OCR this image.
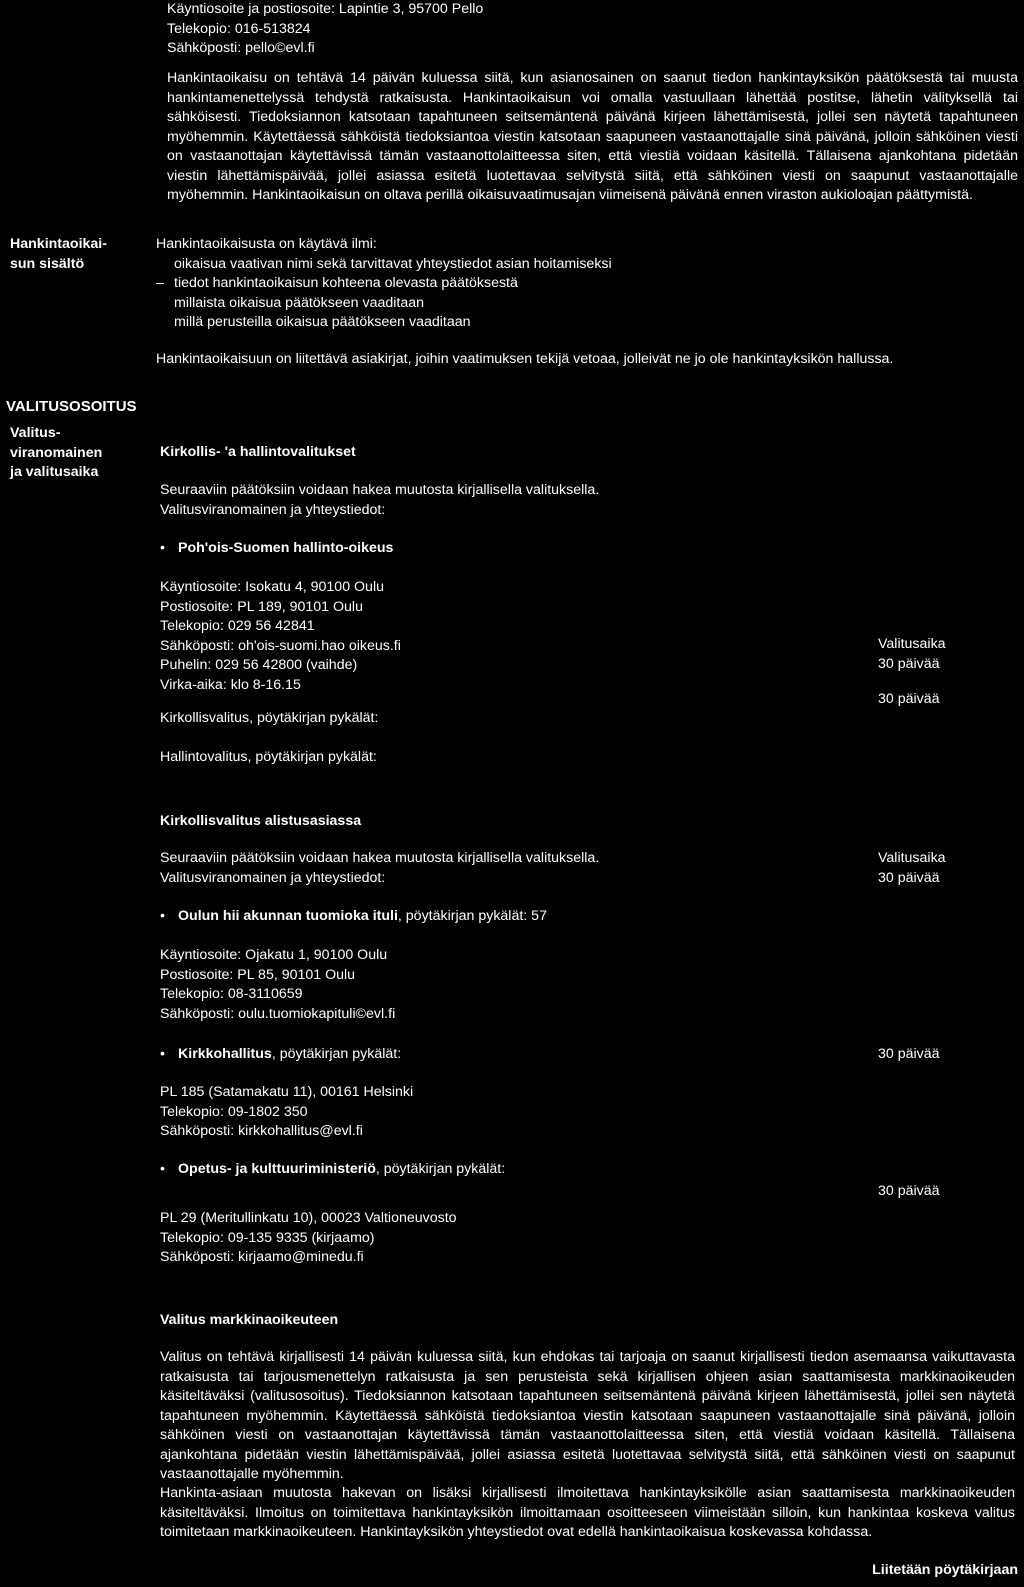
Käyntiosoite ja postiosoite: Lapintie 3, 95700 Pello
Telekopio: 016-513824
Sähköposti: pello©evl.fi

Hankintaoikaisu on tehtävä 14 päivän kuluessa siitä, kun asianosainen on saanut tiedon hankintayksikön päätöksestä tai muusta hankintamenettelyssä tehdystä ratkaisusta. Hankintaoikaisun voi omalla vastuullaan lähettää postitse, lähetin välityksellä tai sähköisesti. Tiedoksiannon katsotaan tapahtuneen seitsemäntenä päivänä kirjeen lähettämisestä, jollei sen näytetä tapahtuneen myöhemmin. Käytettäessä sähköistä tiedoksiantoa viestin katsotaan saapuneen vastaanottajalle sinä päivänä, jolloin sähköinen viesti on vastaanottajan käytettävissä tämän vastaanottolaitteessa siten, että viestiä voidaan käsitellä. Tällaisena ajankohtana pidetään viestin lähettämispäivää, jollei asiassa esitetä luotettavaa selvitystä siitä, että sähköinen viesti on saapunut vastaanottajalle myöhemmin. Hankintaoikaisun on oltava perillä oikaisuvaatimusajan viimeisenä päivänä ennen viraston aukioloajan päättymistä.

Hankintaoikai-
sun sisältö
Hankintaoikaisusta on käytävä ilmi:
oikaisua vaativan nimi sekä tarvittavat yhteystiedot asian hoitamiseksi
– tiedot hankintaoikaisun kohteena olevasta päätöksestä
millaista oikaisua päätökseen vaaditaan
millä perusteilla oikaisua päätökseen vaaditaan

Hankintaoikaisuun on liitettävä asiakirjat, joihin vaatimuksen tekijä vetoaa, jolleivät ne jo ole hankintayksikön hallussa.

VALITUSOSOITUS
Valitus-
viranomainen
ja valitusaika
Kirkollis- 'a hallintovalitukset
Seuraaviin päätöksiin voidaan hakea muutosta kirjallisella valituksella.
Valitusviranomainen ja yhteystiedot:
• Poh'ois-Suomen hallinto-oikeus
Käyntiosoite: Isokatu 4, 90100 Oulu
Postiosoite: PL 189, 90101 Oulu
Telekopio: 029 56 42841
Sähköposti: oh'ois-suomi.hao oikeus.fi
Puhelin: 029 56 42800 (vaihde)
Virka-aika: klo 8-16.15
Kirkollisvalitus, pöytäkirjan pykälät:
Hallintovalitus, pöytäkirjan pykälät:
Valitusaika
30 päivää
30 päivää
Kirkollisvalitus alistusasiassa
Seuraaviin päätöksiin voidaan hakea muutosta kirjallisella valituksella.
Valitusviranomainen ja yhteystiedot:
Valitusaika
30 päivää
• Oulun hii akunnan tuomioka ituli, pöytäkirjan pykälät: 57
Käyntiosoite: Ojakatu 1, 90100 Oulu
Postiosoite: PL 85, 90101 Oulu
Telekopio: 08-3110659
Sähköposti: oulu.tuomiokapituli©evl.fi
• Kirkkohallitus, pöytäkirjan pykälät:	30 päivää
PL 185 (Satamakatu 11), 00161 Helsinki
Telekopio: 09-1802 350
Sähköposti: kirkkohallitus@evl.fi
• Opetus- ja kulttuuriministeriö, pöytäkirjan pykälät:
30 päivää
PL 29 (Meritullinkatu 10), 00023 Valtioneuvosto
Telekopio: 09-135 9335 (kirjaamo)
Sähköposti: kirjaamo@minedu.fi
Valitus markkinaoikeuteen

Valitus on tehtävä kirjallisesti 14 päivän kuluessa siitä, kun ehdokas tai tarjoaja on saanut kirjallisesti tiedon asemaansa vaikuttavasta ratkaisusta tai tarjousmenettelyn ratkaisusta ja sen perusteista sekä kirjallisen ohjeen asian saattamisesta markkinaoikeuden käsiteltäväksi (valitusosoitus). Tiedoksiannon katsotaan tapahtuneen seitsemäntenä päivänä kirjeen lähettämisestä, jollei sen näytetä tapahtuneen myöhemmin. Käytettäessä sähköistä tiedoksiantoa viestin katsotaan saapuneen vastaanottajalle sinä päivänä, jolloin sähköinen viesti on vastaanottajan käytettävissä tämän vastaanottolaitteessa siten, että viestiä voidaan käsitellä. Tällaisena ajankohtana pidetään viestin lähettämispäivää, jollei asiassa esitetä luotettavaa selvitystä siitä, että sähköinen viesti on saapunut vastaanottajalle myöhemmin.

Hankinta-asiaan muutosta hakevan on lisäksi kirjallisesti ilmoitettava hankintayksikölle asian saattamisesta markkinaoikeuden käsiteltäväksi. Ilmoitus on toimitettava hankintayksikön ilmoittamaan osoitteeseen viimeistään silloin, kun hankintaa koskeva valitus toimitetaan markkinaoikeuteen. Hankintayksikön yhteystiedot ovat edellä hankintaoikaisua koskevassa kohdassa.

Liitetään pöytäkirjaan
